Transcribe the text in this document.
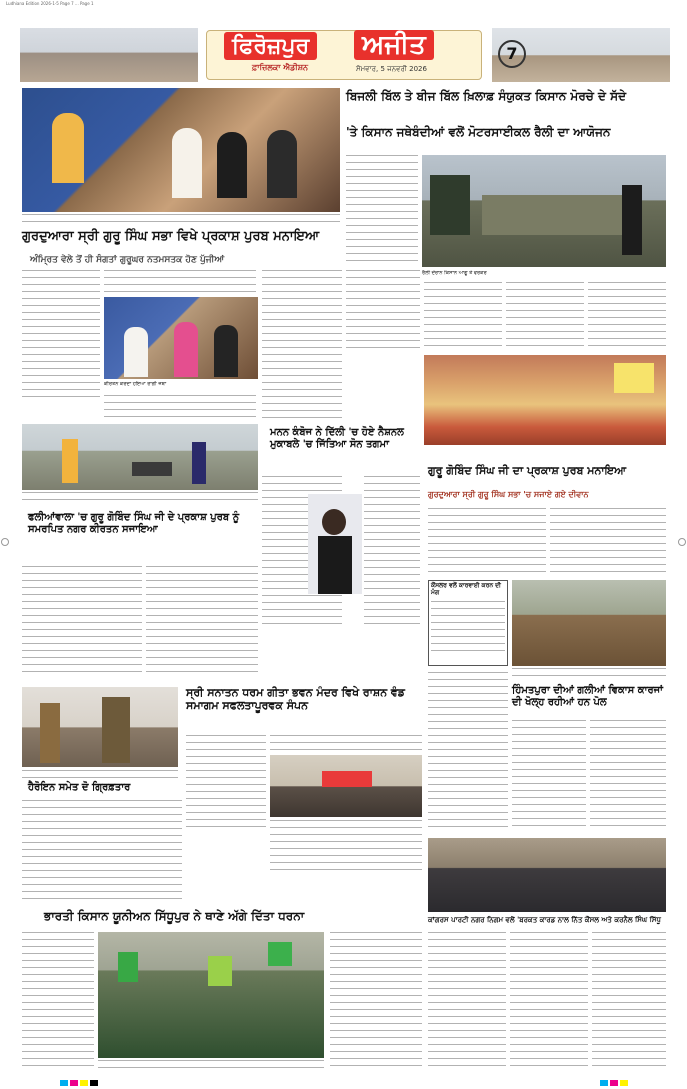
Ludhiana Edition 2026-1-5 Page 7 ... Page 1
ਫਿਰੋਜ਼ਪੁਰ	ਅਜੀਤ
ਫ਼ਾਜ਼ਿਲਕਾ ਐਡੀਸ਼ਨ	ਸੋਮਵਾਰ, 5 ਜਨਵਰੀ 2026
7
ਗੁਰਦੁਆਰਾ ਸ੍ਰੀ ਗੁਰੂ ਸਿੰਘ ਸਭਾ ਵਿਖੇ ਪ੍ਰਕਾਸ਼ ਪੁਰਬ ਮਨਾਇਆ
ਅੰਮ੍ਰਿਤ ਵੇਲੇ ਤੋਂ ਹੀ ਸੰਗਤਾਂ ਗੁਰੂਘਰ ਨਤਮਸਤਕ ਹੋਣ ਪੁੱਜੀਆਂ
ਬਿਜਲੀ ਬਿੱਲ ਤੇ ਬੀਜ ਬਿੱਲ ਖ਼ਿਲਾਫ਼ ਸੰਯੁਕਤ ਕਿਸਾਨ ਮੋਰਚੇ ਦੇ ਸੱਦੇ
'ਤੇ ਕਿਸਾਨ ਜਥੇਬੰਦੀਆਂ ਵਲੋਂ ਮੋਟਰਸਾਈਕਲ ਰੈਲੀ ਦਾ ਆਯੋਜਨ
ਰੈਲੀ ਦੌਰਾਨ ਕਿਸਾਨ ਆਗੂ ਤੇ ਵਰਕਰ
ਕੀਰਤਨ ਕਰਦਾ ਹੋਇਆ ਰਾਗੀ ਜਥਾ
ਮਨਨ ਕੰਬੋਜ ਨੇ ਦਿੱਲੀ 'ਚ ਹੋਏ ਨੈਸ਼ਨਲ ਮੁਕਾਬਲੇ 'ਚ ਜਿੱਤਿਆ ਸੋਨ ਤਗਮਾ
ਗੁਰੂ ਗੋਬਿੰਦ ਸਿੰਘ ਜੀ ਦਾ ਪ੍ਰਕਾਸ਼ ਪੁਰਬ ਮਨਾਇਆ
ਗੁਰਦੁਆਰਾ ਸ੍ਰੀ ਗੁਰੂ ਸਿੰਘ ਸਭਾ 'ਚ ਸਜਾਏ ਗਏ ਦੀਵਾਨ
ਫਲੀਆਂਵਾਲਾ 'ਚ ਗੁਰੂ ਗੋਬਿੰਦ ਸਿੰਘ ਜੀ ਦੇ ਪ੍ਰਕਾਸ਼ ਪੁਰਬ ਨੂੰ ਸਮਰਪਿਤ ਨਗਰ ਕੀਰਤਨ ਸਜਾਇਆ
ਕੌਂਸਲਰ ਵਲੋਂ ਕਾਰਵਾਈ ਕਰਨ ਦੀ ਮੰਗ
ਸ੍ਰੀ ਸਨਾਤਨ ਧਰਮ ਗੀਤਾ ਭਵਨ ਮੰਦਰ ਵਿਖੇ ਰਾਸ਼ਨ ਵੰਡ ਸਮਾਗਮ ਸਫਲਤਾਪੂਰਵਕ ਸੰਪਨ
ਹੈਰੋਇਨ ਸਮੇਤ ਦੋ ਗ੍ਰਿਫ਼ਤਾਰ
ਹਿੰਮਤਪੁਰਾ ਦੀਆਂ ਗਲੀਆਂ ਵਿਕਾਸ ਕਾਰਜਾਂ ਦੀ ਖੋਲ੍ਹ ਰਹੀਆਂ ਹਨ ਪੋਲ
ਕਾਂਗਰਸ ਪਾਰਟੀ ਨਗਰ ਨਿਗਮ ਵਲੋਂ 'ਬਰਕਤ ਕਾਰਡ ਨਾਲ ਨਿੱਤ ਕੌਂਸਲ ਅਤੇ ਕਰਨੈਲ ਸਿੰਘ ਸਿੱਧੂ
ਭਾਰਤੀ ਕਿਸਾਨ ਯੂਨੀਅਨ ਸਿੱਧੂਪੁਰ ਨੇ ਥਾਣੇ ਅੱਗੇ ਦਿੱਤਾ ਧਰਨਾ
